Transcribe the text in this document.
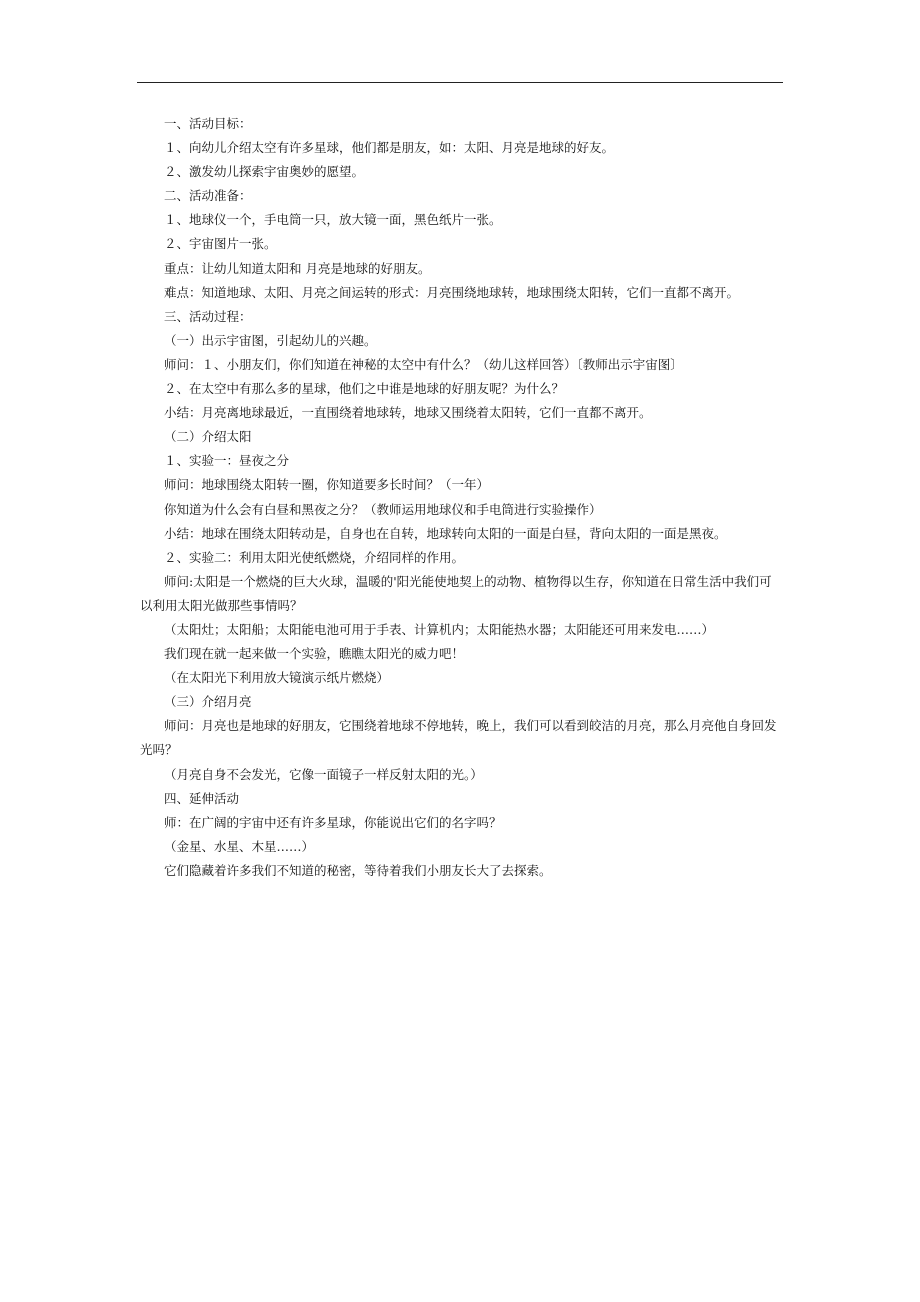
一、活动目标：

１、向幼儿介绍太空有许多星球，他们都是朋友，如：太阳、月亮是地球的好友。

２、激发幼儿探索宇宙奥妙的愿望。

二、活动准备：

１、地球仪一个，手电筒一只，放大镜一面，黑色纸片一张。

２、宇宙图片一张。

重点：让幼儿知道太阳和 月亮是地球的好朋友。

难点：知道地球、太阳、月亮之间运转的形式：月亮围绕地球转，地球围绕太阳转，它们一直都不离开。

三、活动过程：

（一）出示宇宙图，引起幼儿的兴趣。

师问：１、小朋友们，你们知道在神秘的太空中有什么？（幼儿这样回答）〔教师出示宇宙图〕

２、在太空中有那么多的星球，他们之中谁是地球的好朋友呢？为什么？

小结：月亮离地球最近，一直围绕着地球转，地球又围绕着太阳转，它们一直都不离开。

（二）介绍太阳

１、实验一：昼夜之分

师问：地球围绕太阳转一圈，你知道要多长时间？（一年）

你知道为什么会有白昼和黑夜之分？（教师运用地球仪和手电筒进行实验操作）

小结：地球在围绕太阳转动是，自身也在自转，地球转向太阳的一面是白昼，背向太阳的一面是黑夜。

２、实验二：利用太阳光使纸燃烧，介绍同样的作用。

师问:太阳是一个燃烧的巨大火球，温暖的'阳光能使地契上的动物、植物得以生存，你知道在日常生活中我们可以利用太阳光做那些事情吗？

（太阳灶；太阳船；太阳能电池可用于手表、计算机内；太阳能热水器；太阳能还可用来发电……）

我们现在就一起来做一个实验，瞧瞧太阳光的威力吧！

（在太阳光下利用放大镜演示纸片燃烧）

（三）介绍月亮

师问：月亮也是地球的好朋友，它围绕着地球不停地转，晚上，我们可以看到皎洁的月亮，那么月亮他自身回发光吗？

（月亮自身不会发光，它像一面镜子一样反射太阳的光。）

四、延伸活动

师：在广阔的宇宙中还有许多星球，你能说出它们的名字吗？

（金星、水星、木星……）

它们隐藏着许多我们不知道的秘密，等待着我们小朋友长大了去探索。
